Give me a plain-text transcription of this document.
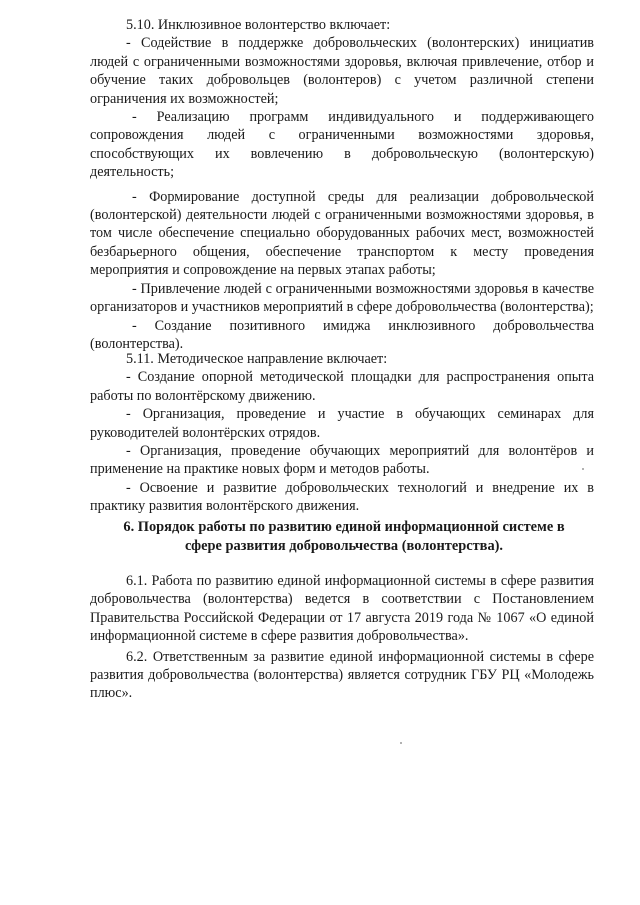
5.10. Инклюзивное волонтерство включает:

- Содействие в поддержке добровольческих (волонтерских) инициатив людей с ограниченными возможностями здоровья, включая привлечение, отбор и обучение таких добровольцев (волонтеров) с учетом различной степени ограничения их возможностей;

- Реализацию программ индивидуального и поддерживающего сопровождения людей с ограниченными возможностями здоровья, способствующих их вовлечению в добровольческую (волонтерскую) деятельность;

- Формирование доступной среды для реализации добровольческой (волонтерской) деятельности людей с ограниченными возможностями здоровья, в том числе обеспечение специально оборудованных рабочих мест, возможностей безбарьерного общения, обеспечение транспортом к месту проведения мероприятия и сопровождение на первых этапах работы;

- Привлечение людей с ограниченными возможностями здоровья в качестве организаторов и участников мероприятий в сфере добровольчества (волонтерства);

- Создание позитивного имиджа инклюзивного добровольчества (волонтерства).

5.11. Методическое направление включает:

- Создание опорной методической площадки для распространения опыта работы по волонтёрскому движению.

- Организация, проведение и участие в обучающих семинарах для руководителей волонтёрских отрядов.

- Организация, проведение обучающих мероприятий для волонтёров и применение на практике новых форм и методов работы.

- Освоение и развитие добровольческих технологий и внедрение их в практику развития волонтёрского движения.

6. Порядок работы по развитию единой информационной системе в
сфере развития добровольчества (волонтерства).

6.1. Работа по развитию единой информационной системы в сфере развития добровольчества (волонтерства) ведется в соответствии с Постановлением Правительства Российской Федерации от 17 августа 2019 года № 1067 «О единой информационной системе в сфере развития добровольчества».

6.2. Ответственным за развитие единой информационной системы в сфере развития добровольчества (волонтерства) является сотрудник ГБУ РЦ «Молодежь плюс».
